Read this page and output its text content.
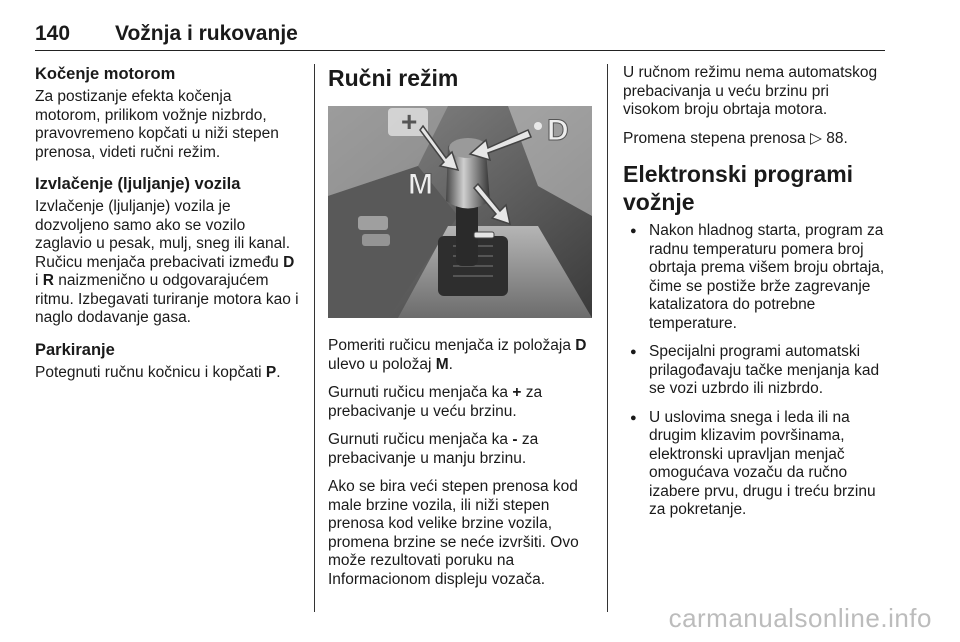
140 Vožnja i rukovanje
Kočenje motorom

Za postizanje efekta kočenja motorom, prilikom vožnje nizbrdo, pravovremeno kopčati u niži stepen prenosa, videti ručni režim.

Izvlačenje (ljuljanje) vozila

Izvlačenje (ljuljanje) vozila je dozvoljeno samo ako se vozilo zaglavio u pesak, mulj, sneg ili kanal. Ručicu menjača prebacivati između D i R naizmenično u odgovarajućem ritmu. Izbegavati turiranje motora kao i naglo dodavanje gasa.

Parkiranje

Potegnuti ručnu kočnicu i kopčati P.

Ručni režim
+	D
M

Pomeriti ručicu menjača iz položaja D ulevo u položaj M.

Gurnuti ručicu menjača ka + za prebacivanje u veću brzinu.

Gurnuti ručicu menjača ka - za prebacivanje u manju brzinu.

Ako se bira veći stepen prenosa kod male brzine vozila, ili niži stepen prenosa kod velike brzine vozila, promena brzine se neće izvršiti. Ovo može rezultovati poruku na Informacionom displeju vozača.

U ručnom režimu nema automatskog prebacivanja u veću brzinu pri visokom broju obrtaja motora.

Promena stepena prenosa ▷ 88.

Elektronski programi vožnje
● Nakon hladnog starta, program za radnu temperaturu pomera broj obrtaja prema višem broju obrtaja, čime se postiže brže zagrevanje katalizatora do potrebne temperature.
● Specijalni programi automatski prilagođavaju tačke menjanja kad se vozi uzbrdo ili nizbrdo.
● U uslovima snega i leda ili na drugim klizavim površinama, elektronski upravljan menjač omogućava vozaču da ručno izabere prvu, drugu i treću brzinu za pokretanje.
carmanualsonline.info
